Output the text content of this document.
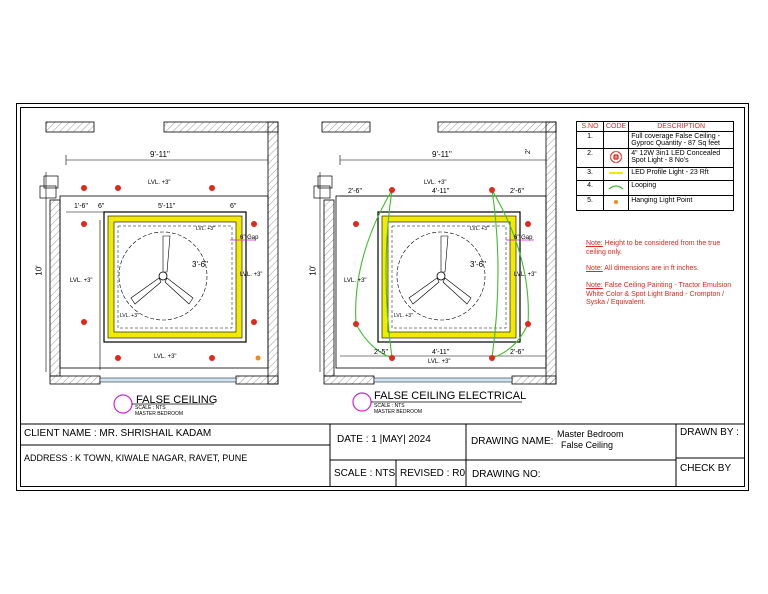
9'-11"
1'-6" 6"	5'-11"	6"
3'-6"
10'
6" Gap
LVL. +3"
LVL. +3"
LVL. +3"
LVL. +3"
LVL. +3"
LVL. +3"
FALSE CEILING
SCALE : NTS
MASTER BEDROOM
9'-11"
2'-6"	4'-11"	2'-6"
2'-5"	4'-11"	2'-6"
3'-6"
10'
2'
6" Gap
LVL. +3"
LVL. +3"
LVL. +3"
LVL. +3"
LVL. +3"
LVL. +3"
FALSE CEILING ELECTRICAL
SCALE : NTS
MASTER BEDROOM
S.NO	CODE	DESCRIPTION
1.		Full coverage False Ceiling - Gyproc Quantity - 87 Sq feet
2.		4" 12W 3in1 LED Concealed Spot Light - 8 No's
3.		LED Profile Light - 23 Rft
4.		Looping
5.		Hanging Light Point
Note: Height to be considered from the true ceiling only.
Note: All dimensions are in ft inches.
Note: False Ceiling Painting - Tractor Emulsion White Color & Spot Light Brand - Crompton / Syska / Equivalent.
CLIENT NAME : MR. SHRISHAIL KADAM
ADDRESS : K TOWN, KIWALE NAGAR, RAVET, PUNE
DATE : 1 |MAY| 2024	DRAWING NAME:
Master Bedroom
False Ceiling
DRAWN BY :
SCALE : NTS REVISED : R0 DRAWING NO:
CHECK BY
